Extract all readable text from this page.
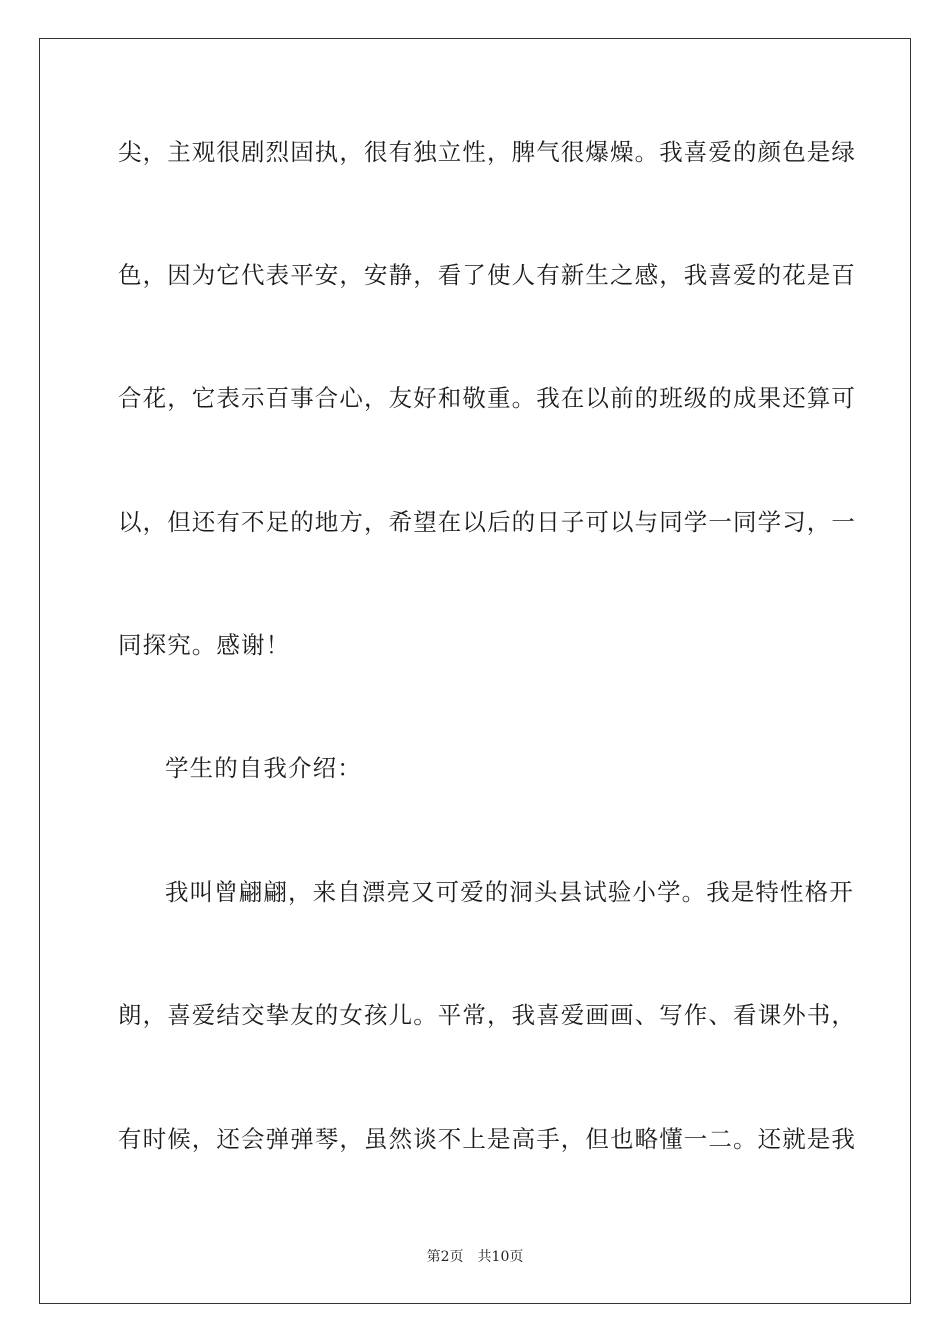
尖，主观很剧烈固执，很有独立性，脾气很爆燥。我喜爱的颜色是绿
色，因为它代表平安，安静，看了使人有新生之感，我喜爱的花是百
合花，它表示百事合心，友好和敬重。我在以前的班级的成果还算可
以，但还有不足的地方，希望在以后的日子可以与同学一同学习，一
同探究。感谢！
学生的自我介绍：
我叫曾翩翩，来自漂亮又可爱的洞头县试验小学。我是特性格开
朗，喜爱结交挚友的女孩儿。平常，我喜爱画画、写作、看课外书，
有时候，还会弹弹琴，虽然谈不上是高手，但也略懂一二。还就是我
第2页 共10页
